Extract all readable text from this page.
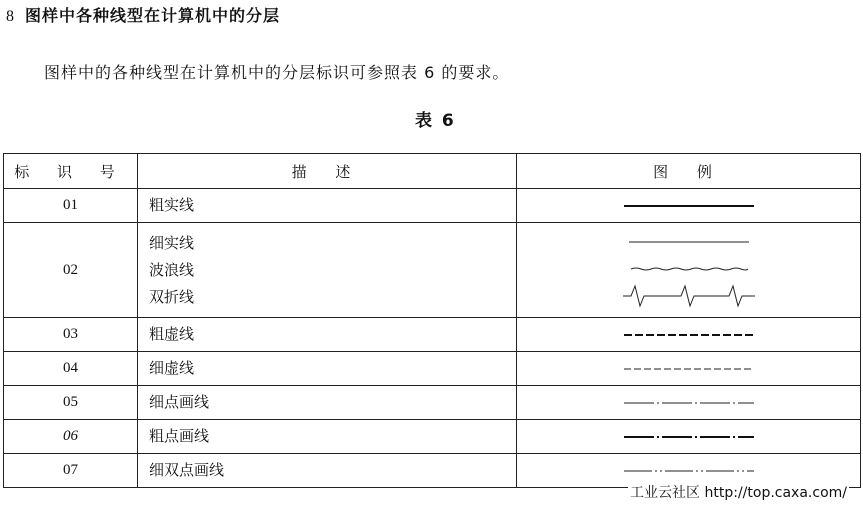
8 图样中各种线型在计算机中的分层
图样中的各种线型在计算机中的分层标识可参照表 6 的要求。
表 6
标 识 号	描 述	图 例
01	粗实线

02	细实线
波浪线
双折线

03	粗虚线

04	细虚线

05	细点画线

06	粗点画线

07	细双点画线

工业云社区 http://top.caxa.com/
